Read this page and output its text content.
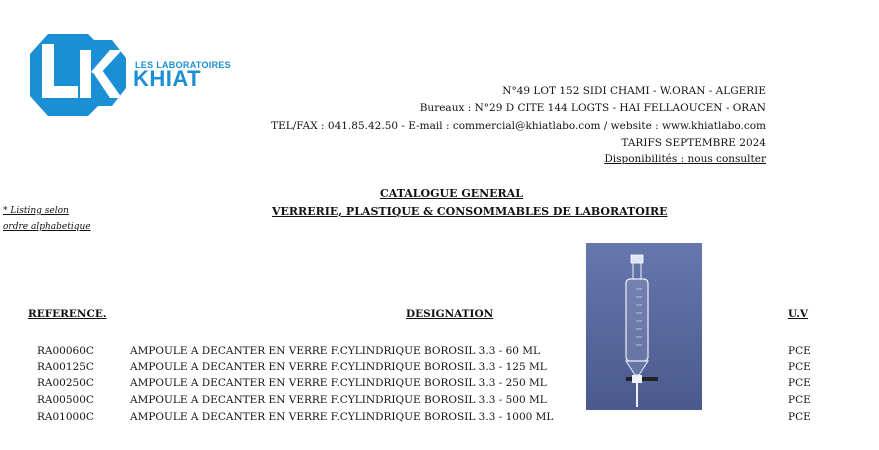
LES LABORATOIRES
KHIAT	N°49 LOT 152 SIDI CHAMI - W.ORAN - ALGERIE
Bureaux : N°29 D CITE 144 LOGTS - HAI FELLAOUCEN - ORAN
TEL/FAX : 041.85.42.50 - E-mail : commercial@khiatlabo.com / website : www.khiatlabo.com
TARIFS SEPTEMBRE 2024
Disponibilités : nous consulter
CATALOGUE GENERAL
VERRERIE, PLASTIQUE & CONSOMMABLES DE LABORATOIRE
* Listing selon
ordre alphabetique
REFERENCE.	DESIGNATION	U.V
RA00060C	AMPOULE A DECANTER EN VERRE F.CYLINDRIQUE BOROSIL 3.3 - 60 ML	PCE
RA00125C	AMPOULE A DECANTER EN VERRE F.CYLINDRIQUE BOROSIL 3.3 - 125 ML	PCE
RA00250C	AMPOULE A DECANTER EN VERRE F.CYLINDRIQUE BOROSIL 3.3 - 250 ML	PCE
RA00500C	AMPOULE A DECANTER EN VERRE F.CYLINDRIQUE BOROSIL 3.3 - 500 ML	PCE
RA01000C	AMPOULE A DECANTER EN VERRE F.CYLINDRIQUE BOROSIL 3.3 - 1000 ML	PCE
